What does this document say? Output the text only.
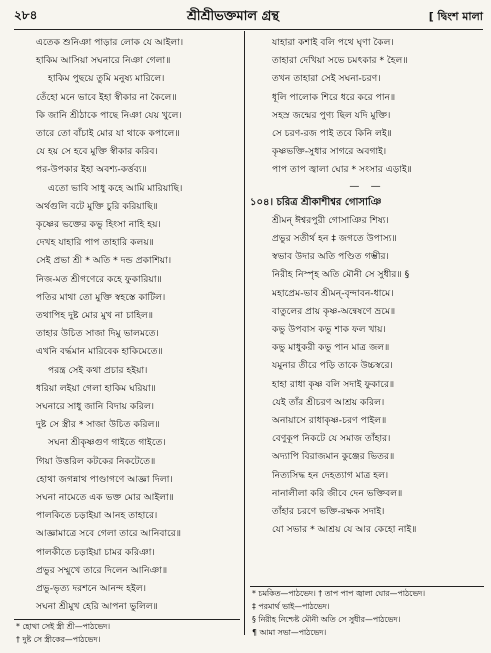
২৮৪	শ্রীশ্রীভক্তমাল গ্রন্থ	[ দ্বিংশ মালা

এতেক শুনিঞা পাড়ার লোক যে আইলা।

হাকিম আসিয়া সঘনারে নিঞা গেলা॥

হাকিম পুছয়ে তুমি মনুষ্য মারিলে।

তেঁহো মনে ভাবে ইহা স্বীকার না কৈলে॥

কি জানি শ্রীঠাকে পাছে নিঞা যেয় খুলে।

তারে তো বাঁচাই মোর যা থাকে কপালে॥

যে হয় সে হবে মুক্তি স্বীকার করিব।

পর-উপকার ইহা অবশ্য-কর্ত্তব্য॥

এতো ভাবি সাধু কহে আমি মারিয়াছি।

অর্থগুলি বটে মুক্তি চুরি করিয়াছি॥

কৃষ্ণের ভক্তের কভু হিংসা নাহি হয়।

দেখহ যাহারি পাপ তাহারি কলয়॥

সেই প্রভা শ্রী * অতি * দন্ড প্রকাশিয়া।

নিজ-মত শ্রীগণেরে কহে ফুকারিয়া॥

পতির মাথা তো মুক্তি স্বহস্তে কাটিল।

তথাপিহ দুষ্ট মোর মুখ না চাহিল॥

তাহার উচিত সাজা দিমু ভালমতে।

এখনি বর্দ্ধমান মারিবেক হাকিমেতে॥

পরন্ত্র সেই কথা প্রচার হইয়া।

ধরিয়া লইয়া গেলা হাকিম ঘরিয়া॥

সঘনারে সাধু জানি বিদায় করিল।

দুষ্ট সে স্ত্রীর * সাজা উচিত করিল॥

সঘনা শ্রীকৃষ্ণগুণ গাইতে গাইতে।

গিয়া উত্তরিল কটকের নিকটেতে॥

হোথা জগন্নাথ পাণ্ডাগণে আজ্ঞা দিলা।

সঘনা নামেতে এক ভক্ত মোর আইলা॥

পালকিতে চড়াইয়া আনহ তাহারে।

আজ্ঞামাত্রে সবে গেলা তারে আনিবারে॥

পালকীতে চড়াইয়া চামর করিঞা।

প্রভুর সম্মুখে তারে দিলেন আনিঞা॥

প্রভু-ভৃত্য দরশনে আনন্দ হইল।

সঘনা শ্রীমুখ হেরি আপনা ভুলিল॥

যাহারা কশাই বলি পথে ঘৃণা কৈল।

তাহারা দেখিয়া সভে চমৎকার * হৈল॥

তখন তাহারা সেই সঘনা-চরণ।

ধূলি পালোক শিরে ধরে করে পান॥

সহস্র জন্মের পুণ্য ছিল যদি মুক্তি।

সে চরণ-রজ পাই তবে কিনি লই॥

কৃষ্ণভক্তি-সুধার সাগরে অবগাই।

পাপ তাপ জ্বালা ঘোর * সংসার এড়াই॥

— —

১০৪। চরিত্র শ্রীকাশীশ্বর গোসাঞি

শ্রীমন্ ঈশ্বরপুরী গোসাঞির শিষ্য।

প্রভুর সতীর্থ হন ‡ জগতে উপাস্য॥

স্বভাব উদার অতি পণ্ডিত গম্ভীর।

নিরীহ নিস্পৃহ অতি মৌনী সে সুধীর॥ §

মহাপ্রেম-ভাব শ্রীমন্-বৃন্দাবন-ধামে।

বাতুলের প্রায় কৃষ্ণ-অন্বেষণে ভ্রমে॥

কভু উপবাস কভু শাক ফল খায়।

কভু মাধুকরী কভু পান মাত্র জল॥

যমুনার তীরে পড়ি তাকে উচ্চস্বরে।

হাহা রাধা কৃষ্ণ বলি সদাই ফুকারে॥

যেই তাঁর শ্রীচরণ আশ্রয় করিল।

অনায়াসে রাধাকৃষ্ণ-চরণ পাইল॥

বেণুকূপ নিকটে যে সমাজ তাঁহার।

অদ্যাপি বিরাজমান কুঞ্জের ভিতর॥

নিত্যসিদ্ধ হন দেহত্যাগ মাত্র হল।

নানালীলা করি জীবে দেন ভক্তিবল॥

তাঁহার চরণে ভক্তি-রক্ষক সদাই।

যো সভার * আশ্রয় যে আর কেহো নাই॥

* হোথা সেই স্ত্রী শ্রী—পাঠভেদ।

† দুষ্ট সে স্ত্রীকের—পাঠভেদ।

* চমকিত—পাঠভেদ। † তাপ পাপ জ্বালা ঘোর—পাঠভেদ।

‡ পরমার্থ ভাই—পাঠভেদ।

§ নিরীহ নিশ্চেষ্ট মৌনী অতি সে সুধীর—পাঠভেদ।

¶ আমা সভা—পাঠভেদ।
